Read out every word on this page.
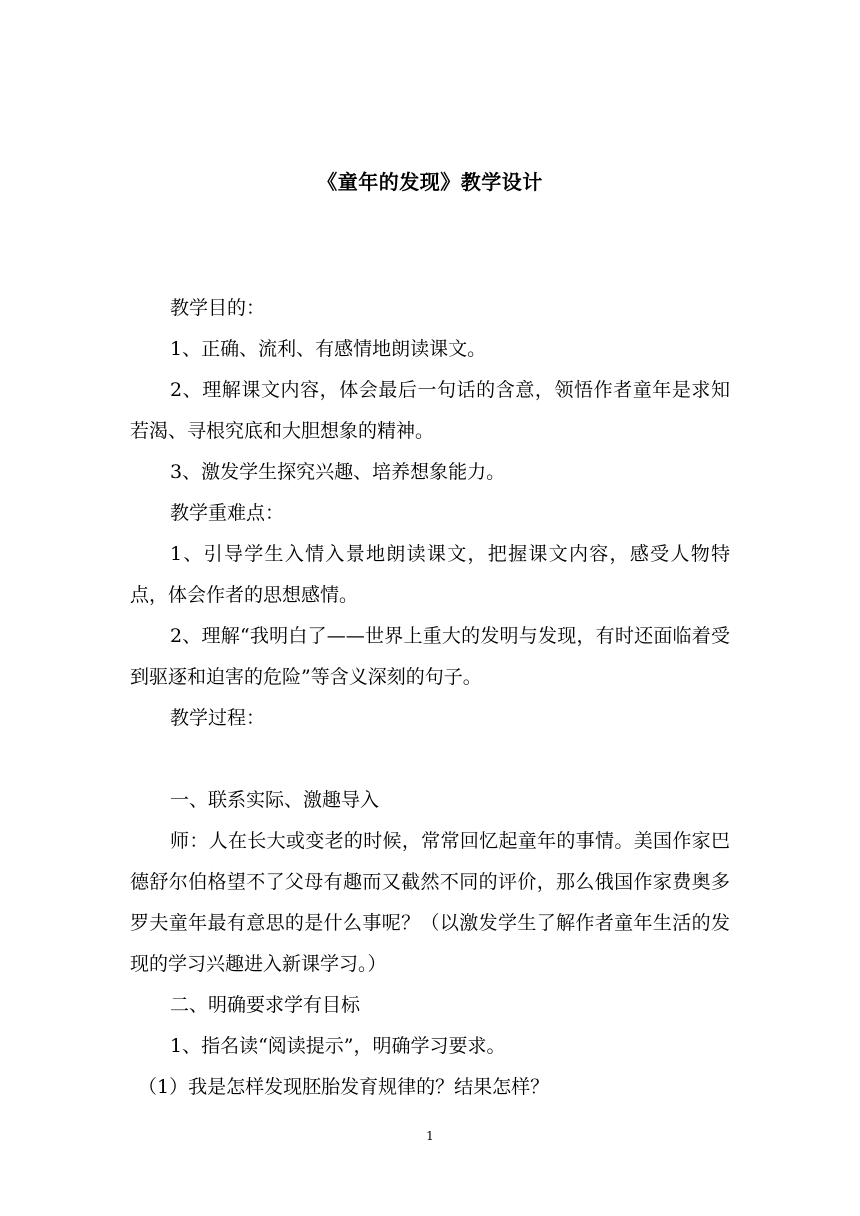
《童年的发现》教学设计

教学目的：

1、正确、流利、有感情地朗读课文。

2、理解课文内容，体会最后一句话的含意，领悟作者童年是求知若渴、寻根究底和大胆想象的精神。

3、激发学生探究兴趣、培养想象能力。

教学重难点：

1、引导学生入情入景地朗读课文，把握课文内容，感受人物特点，体会作者的思想感情。

2、理解“我明白了——世界上重大的发明与发现，有时还面临着受到驱逐和迫害的危险”等含义深刻的句子。

教学过程：

一、联系实际、激趣导入

师：人在长大或变老的时候，常常回忆起童年的事情。美国作家巴德舒尔伯格望不了父母有趣而又截然不同的评价，那么俄国作家费奥多罗夫童年最有意思的是什么事呢？（以激发学生了解作者童年生活的发现的学习兴趣进入新课学习。）

二、明确要求学有目标

1、指名读“阅读提示”，明确学习要求。

（1）我是怎样发现胚胎发育规律的？结果怎样？

1
